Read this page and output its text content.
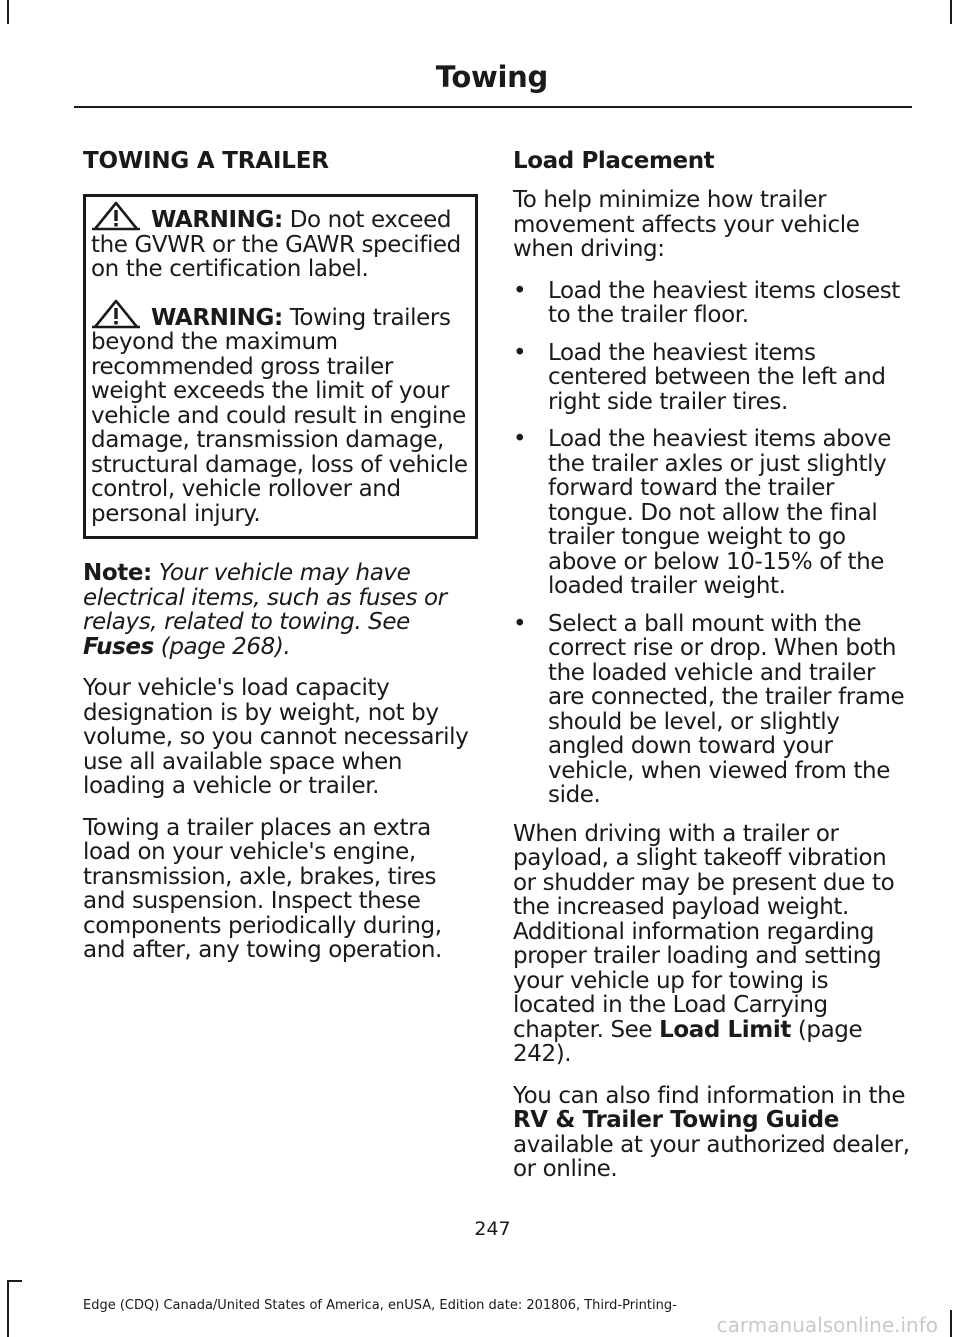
Towing
TOWING A TRAILER

WARNING: Do not exceed the GVWR or the GAWR specified on the certification label.

WARNING: Towing trailers beyond the maximum recommended gross trailer weight exceeds the limit of your vehicle and could result in engine damage, transmission damage, structural damage, loss of vehicle control, vehicle rollover and personal injury.

Note: Your vehicle may have electrical items, such as fuses or relays, related to towing. See Fuses (page 268).

Your vehicle's load capacity designation is by weight, not by volume, so you cannot necessarily use all available space when loading a vehicle or trailer.

Towing a trailer places an extra load on your vehicle's engine, transmission, axle, brakes, tires and suspension. Inspect these components periodically during, and after, any towing operation.

Load Placement

To help minimize how trailer movement affects your vehicle when driving:

• Load the heaviest items closest to the trailer floor.
• Load the heaviest items centered between the left and right side trailer tires.
• Load the heaviest items above the trailer axles or just slightly forward toward the trailer tongue. Do not allow the final trailer tongue weight to go above or below 10-15% of the loaded trailer weight.
• Select a ball mount with the correct rise or drop. When both the loaded vehicle and trailer are connected, the trailer frame should be level, or slightly angled down toward your vehicle, when viewed from the side.

When driving with a trailer or payload, a slight takeoff vibration or shudder may be present due to the increased payload weight. Additional information regarding proper trailer loading and setting your vehicle up for towing is located in the Load Carrying chapter. See Load Limit (page 242).

You can also find information in the RV & Trailer Towing Guide available at your authorized dealer, or online.

247
Edge (CDQ) Canada/United States of America, enUSA, Edition date: 201806, Third-Printing-
carmanualsonline.info
